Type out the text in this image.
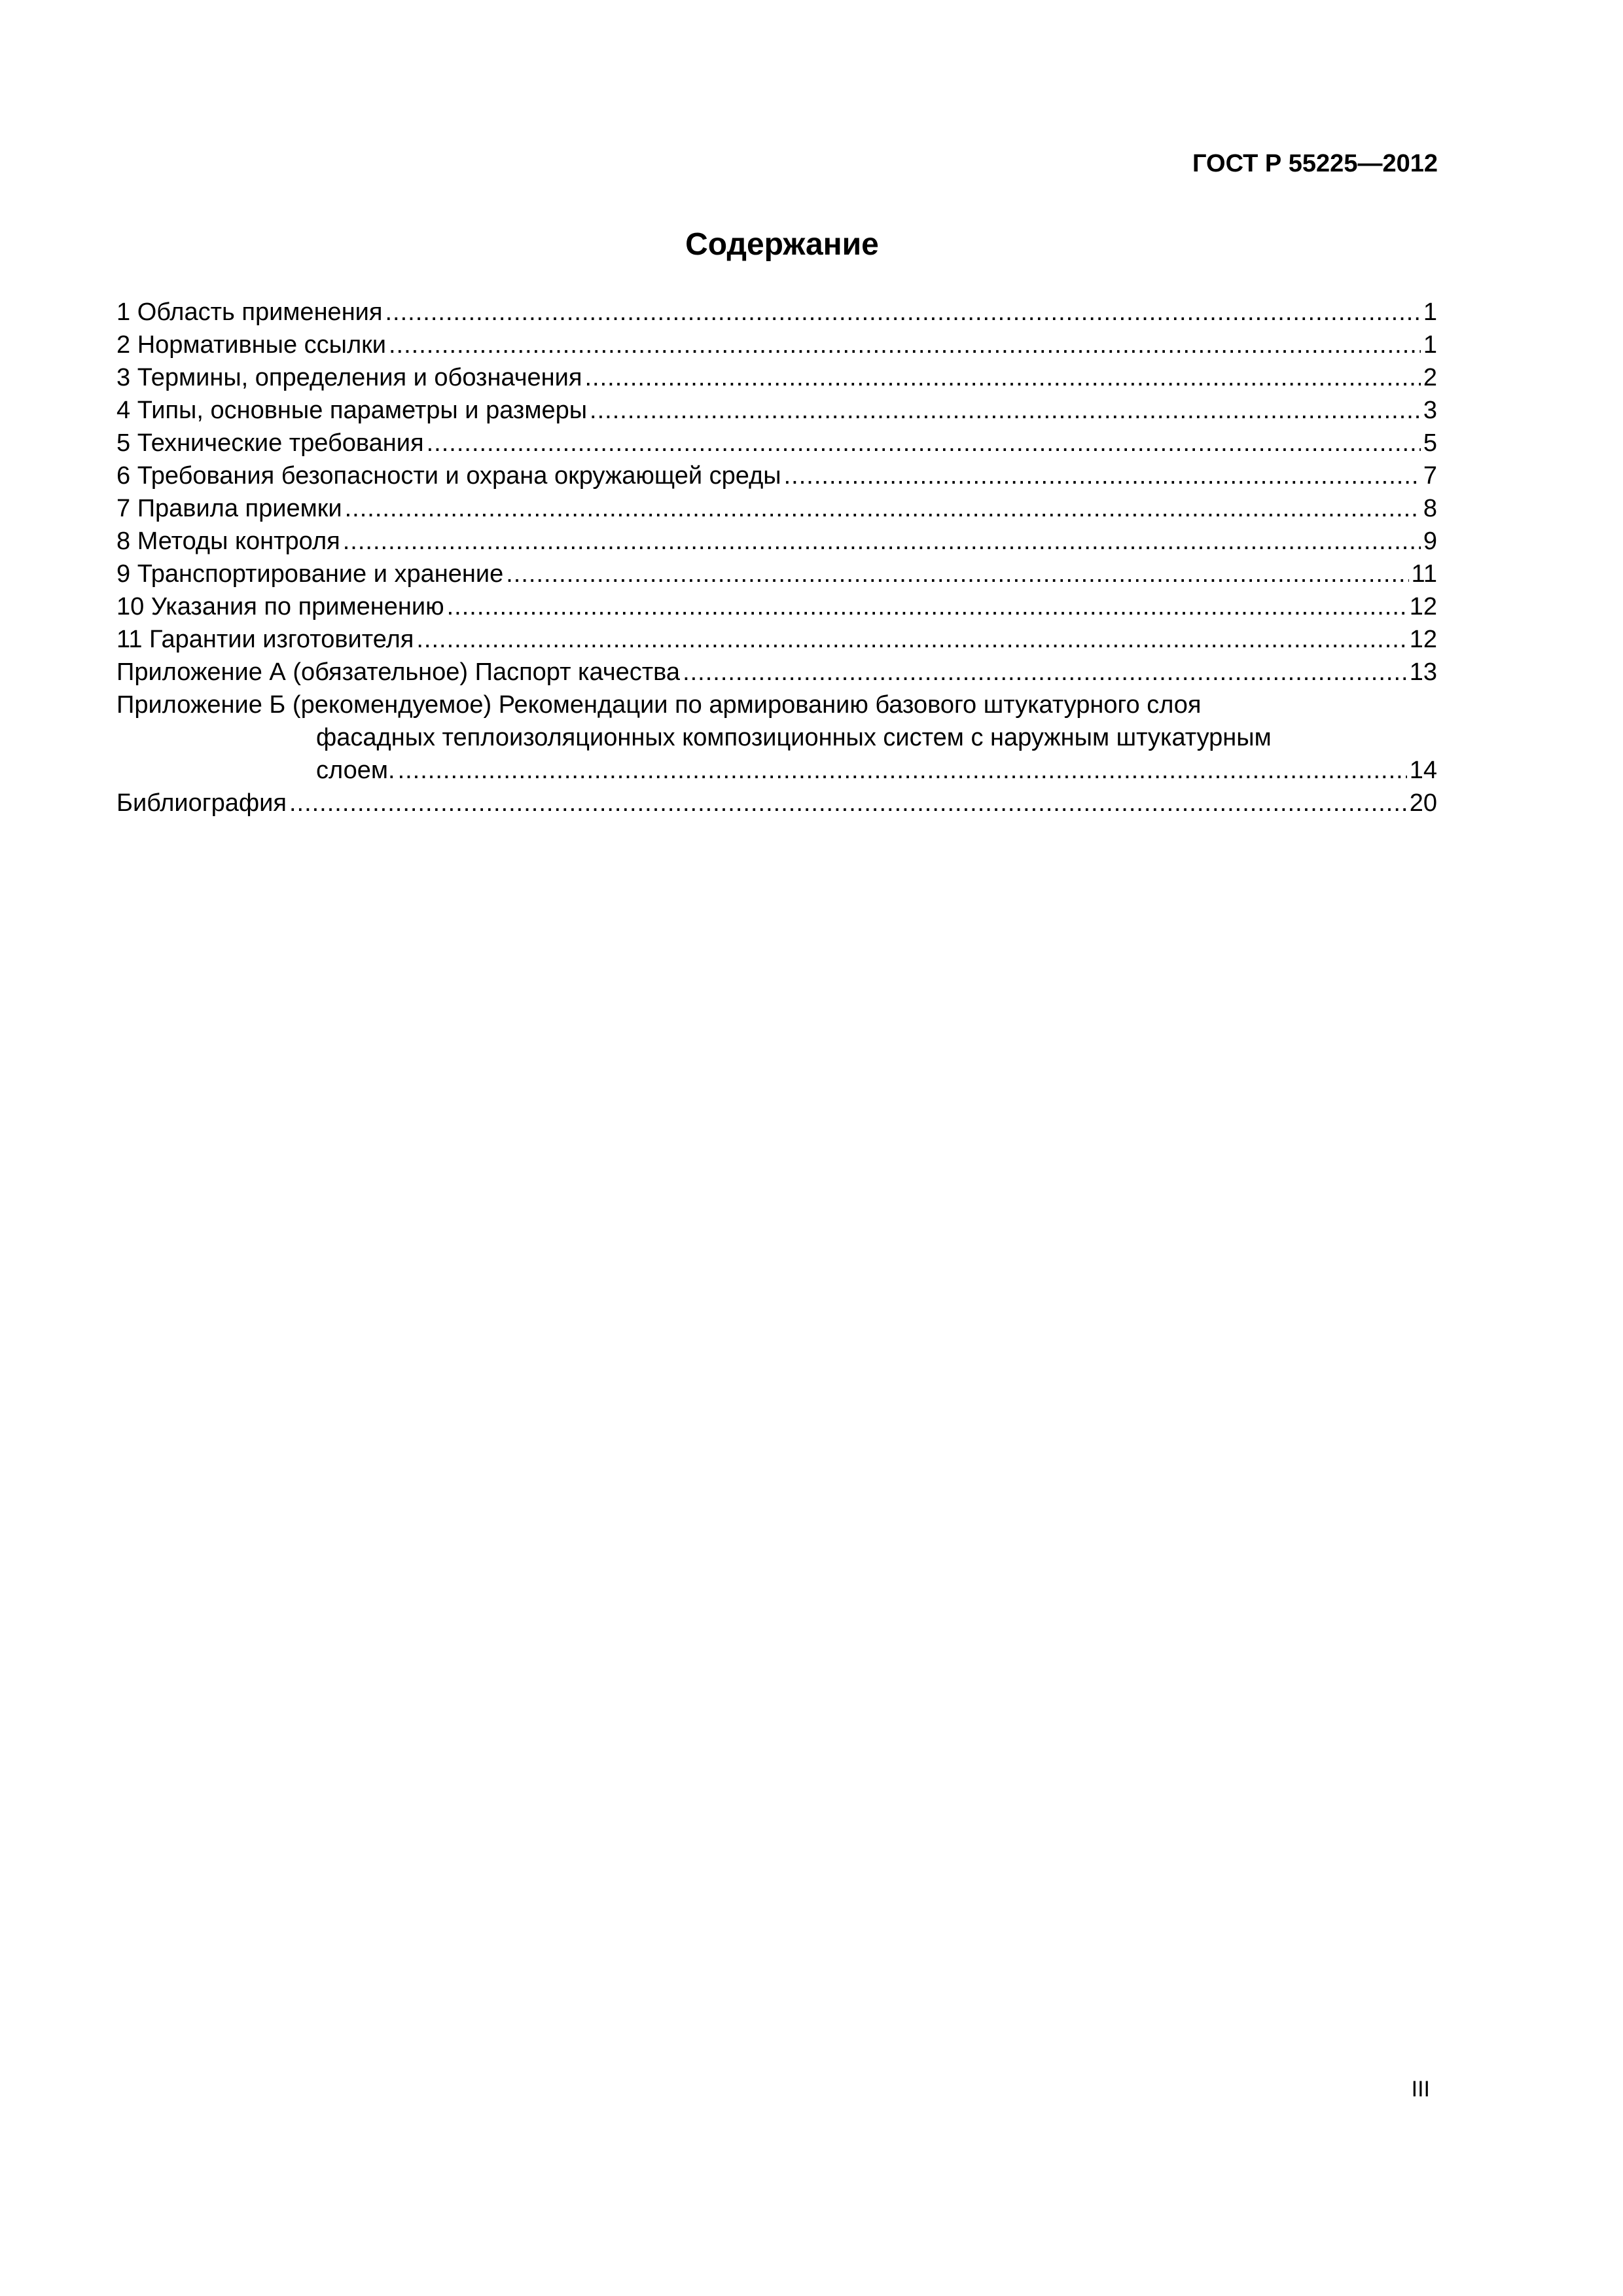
ГОСТ Р 55225—2012
Содержание
1 Область применения .....	1
2 Нормативные ссылки .....	1
3 Термины, определения и обозначения .....	2
4 Типы, основные параметры и размеры .....	3
5 Технические требования .....	5
6 Требования безопасности и охрана окружающей среды .....	7
7 Правила приемки .....	8
8 Методы контроля .....	9
9 Транспортирование и хранение .....	11
10 Указания по применению .....	12
11 Гарантии изготовителя .....	12
Приложение А (обязательное) Паспорт качества .....	13
Приложение Б (рекомендуемое) Рекомендации по армированию базового штукатурного слоя
фасадных теплоизоляционных композиционных систем с наружным штукатурным
слоем. .....	14
Библиография .....	20
III
